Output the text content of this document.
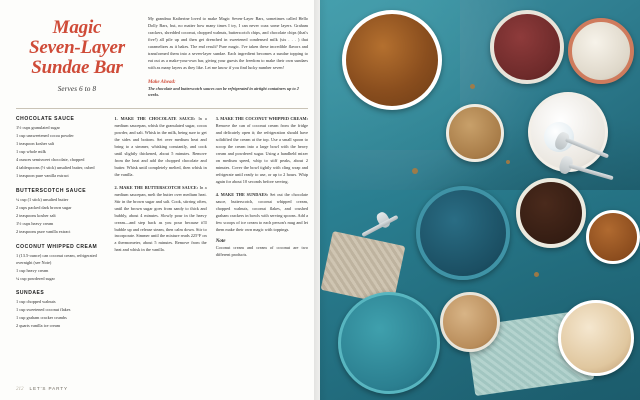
Magic
Seven-Layer
Sundae Bar
Serves 6 to 8

My grandma Katherine loved to make Magic Seven-Layer Bars, sometimes called Hello Dolly Bars, but, no matter how many times I try, I can never coax some layers. Graham crackers, shredded coconut, chopped walnuts, butterscotch chips, and chocolate chips (that's five!) all pile up and then get drenched in sweetened condensed milk (six . . . ) that caramelizes as it bakes. The end result? Pure magic. I've taken these incredible flavors and transformed them into a seven-layer sundae. Each ingredient becomes a sundae topping to eat out as a make-your-own bar, giving your guests the freedom to make their own sundaes with as many layers as they like. Let me know if you find lucky number seven!

Make Ahead:
The chocolate and butterscotch sauces can be refrigerated in airtight containers up to 2 weeks.
CHOCOLATE SAUCE

1½ cups granulated sugar

1 cup unsweetened cocoa powder

1 teaspoon kosher salt

1 cup whole milk

4 ounces semisweet chocolate, chopped

4 tablespoons (½ stick) unsalted butter, cubed

1 teaspoon pure vanilla extract

BUTTERSCOTCH SAUCE

¼ cup (1 stick) unsalted butter

2 cups packed dark brown sugar

2 teaspoons kosher salt

1½ cups heavy cream

2 teaspoons pure vanilla extract

COCONUT WHIPPED CREAM

1 (13.5-ounce) can coconut cream, refrigerated overnight (see Note)

1 cup heavy cream

¼ cup powdered sugar

SUNDAES

1 cup chopped walnuts

1 cup sweetened coconut flakes

1 cup graham cracker crumbs

2 quarts vanilla ice cream

1. MAKE THE CHOCOLATE SAUCE: In a medium saucepan, whisk the granulated sugar, cocoa powder, and salt. Whisk in the milk, being sure to get the sides and bottom. Set over medium heat and bring to a simmer, whisking constantly, and cook until slightly thickened, about 5 minutes. Remove from the heat and add the chopped chocolate and butter. Whisk until completely melted, then whisk in the vanilla.

2. MAKE THE BUTTERSCOTCH SAUCE: In a medium saucepan, melt the butter over medium heat. Stir in the brown sugar and salt. Cook, stirring often, until the brown sugar goes from sandy to thick and bubbly, about 4 minutes. Slowly pour in the heavy cream—and step back as you pour because it'll bubble up and release steam, then calm down. Stir to incorporate. Simmer until the mixture reads 225°F on a thermometer, about 5 minutes. Remove from the heat and whisk in the vanilla.

3. MAKE THE COCONUT WHIPPED CREAM: Remove the can of coconut cream from the fridge and delicately open it; the refrigeration should have solidified the cream at the top. Use a small spoon to scoop the cream into a large bowl with the heavy cream and powdered sugar. Using a handheld mixer on medium speed, whip to stiff peaks, about 2 minutes. Cover the bowl tightly with cling wrap and refrigerate until ready to use, or up to 2 hours. Whip again for about 10 seconds before serving.

4. MAKE THE SUNDAES: Set out the chocolate sauce, butterscotch, coconut whipped cream, chopped walnuts, coconut flakes, and crushed graham crackers in bowls with serving spoons. Add a few scoops of ice cream to each person's mug and let them make their own magic with toppings.

Note

Coconut cream and cream of coconut are two different products.

212 LET'S PARTY
